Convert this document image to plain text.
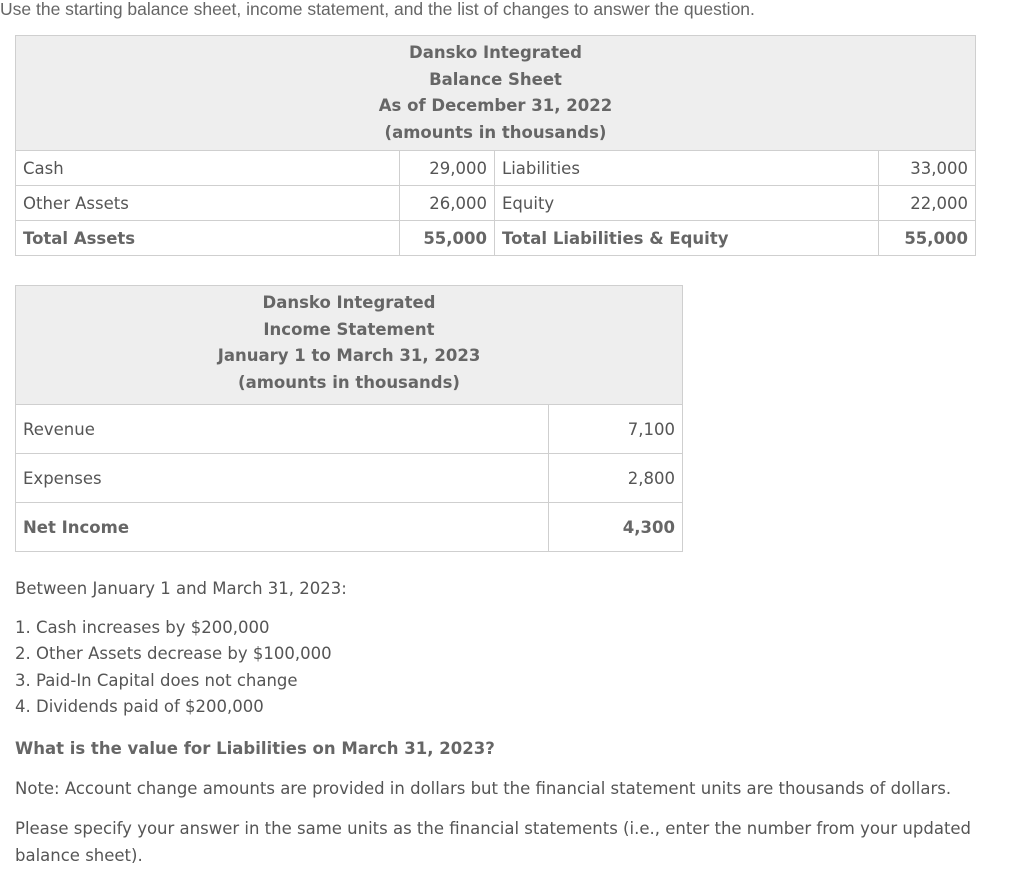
Use the starting balance sheet, income statement, and the list of changes to answer the question.
Dansko Integrated
Balance Sheet
As of December 31, 2022
(amounts in thousands)			

Cash	29,000	Liabilities	33,000
Other Assets	26,000	Equity	22,000
Total Assets	55,000	Total Liabilities & Equity	55,000
Dansko Integrated
Income Statement
January 1 to March 31, 2023
(amounts in thousands)	

Revenue	7,100
Expenses	2,800
Net Income	4,300

Between January 1 and March 31, 2023:

1. Cash increases by $200,000
2. Other Assets decrease by $100,000
3. Paid-In Capital does not change
4. Dividends paid of $200,000
What is the value for Liabilities on March 31, 2023?
Note: Account change amounts are provided in dollars but the financial statement units are thousands of dollars.
Please specify your answer in the same units as the financial statements (i.e., enter the number from your updated balance sheet).
